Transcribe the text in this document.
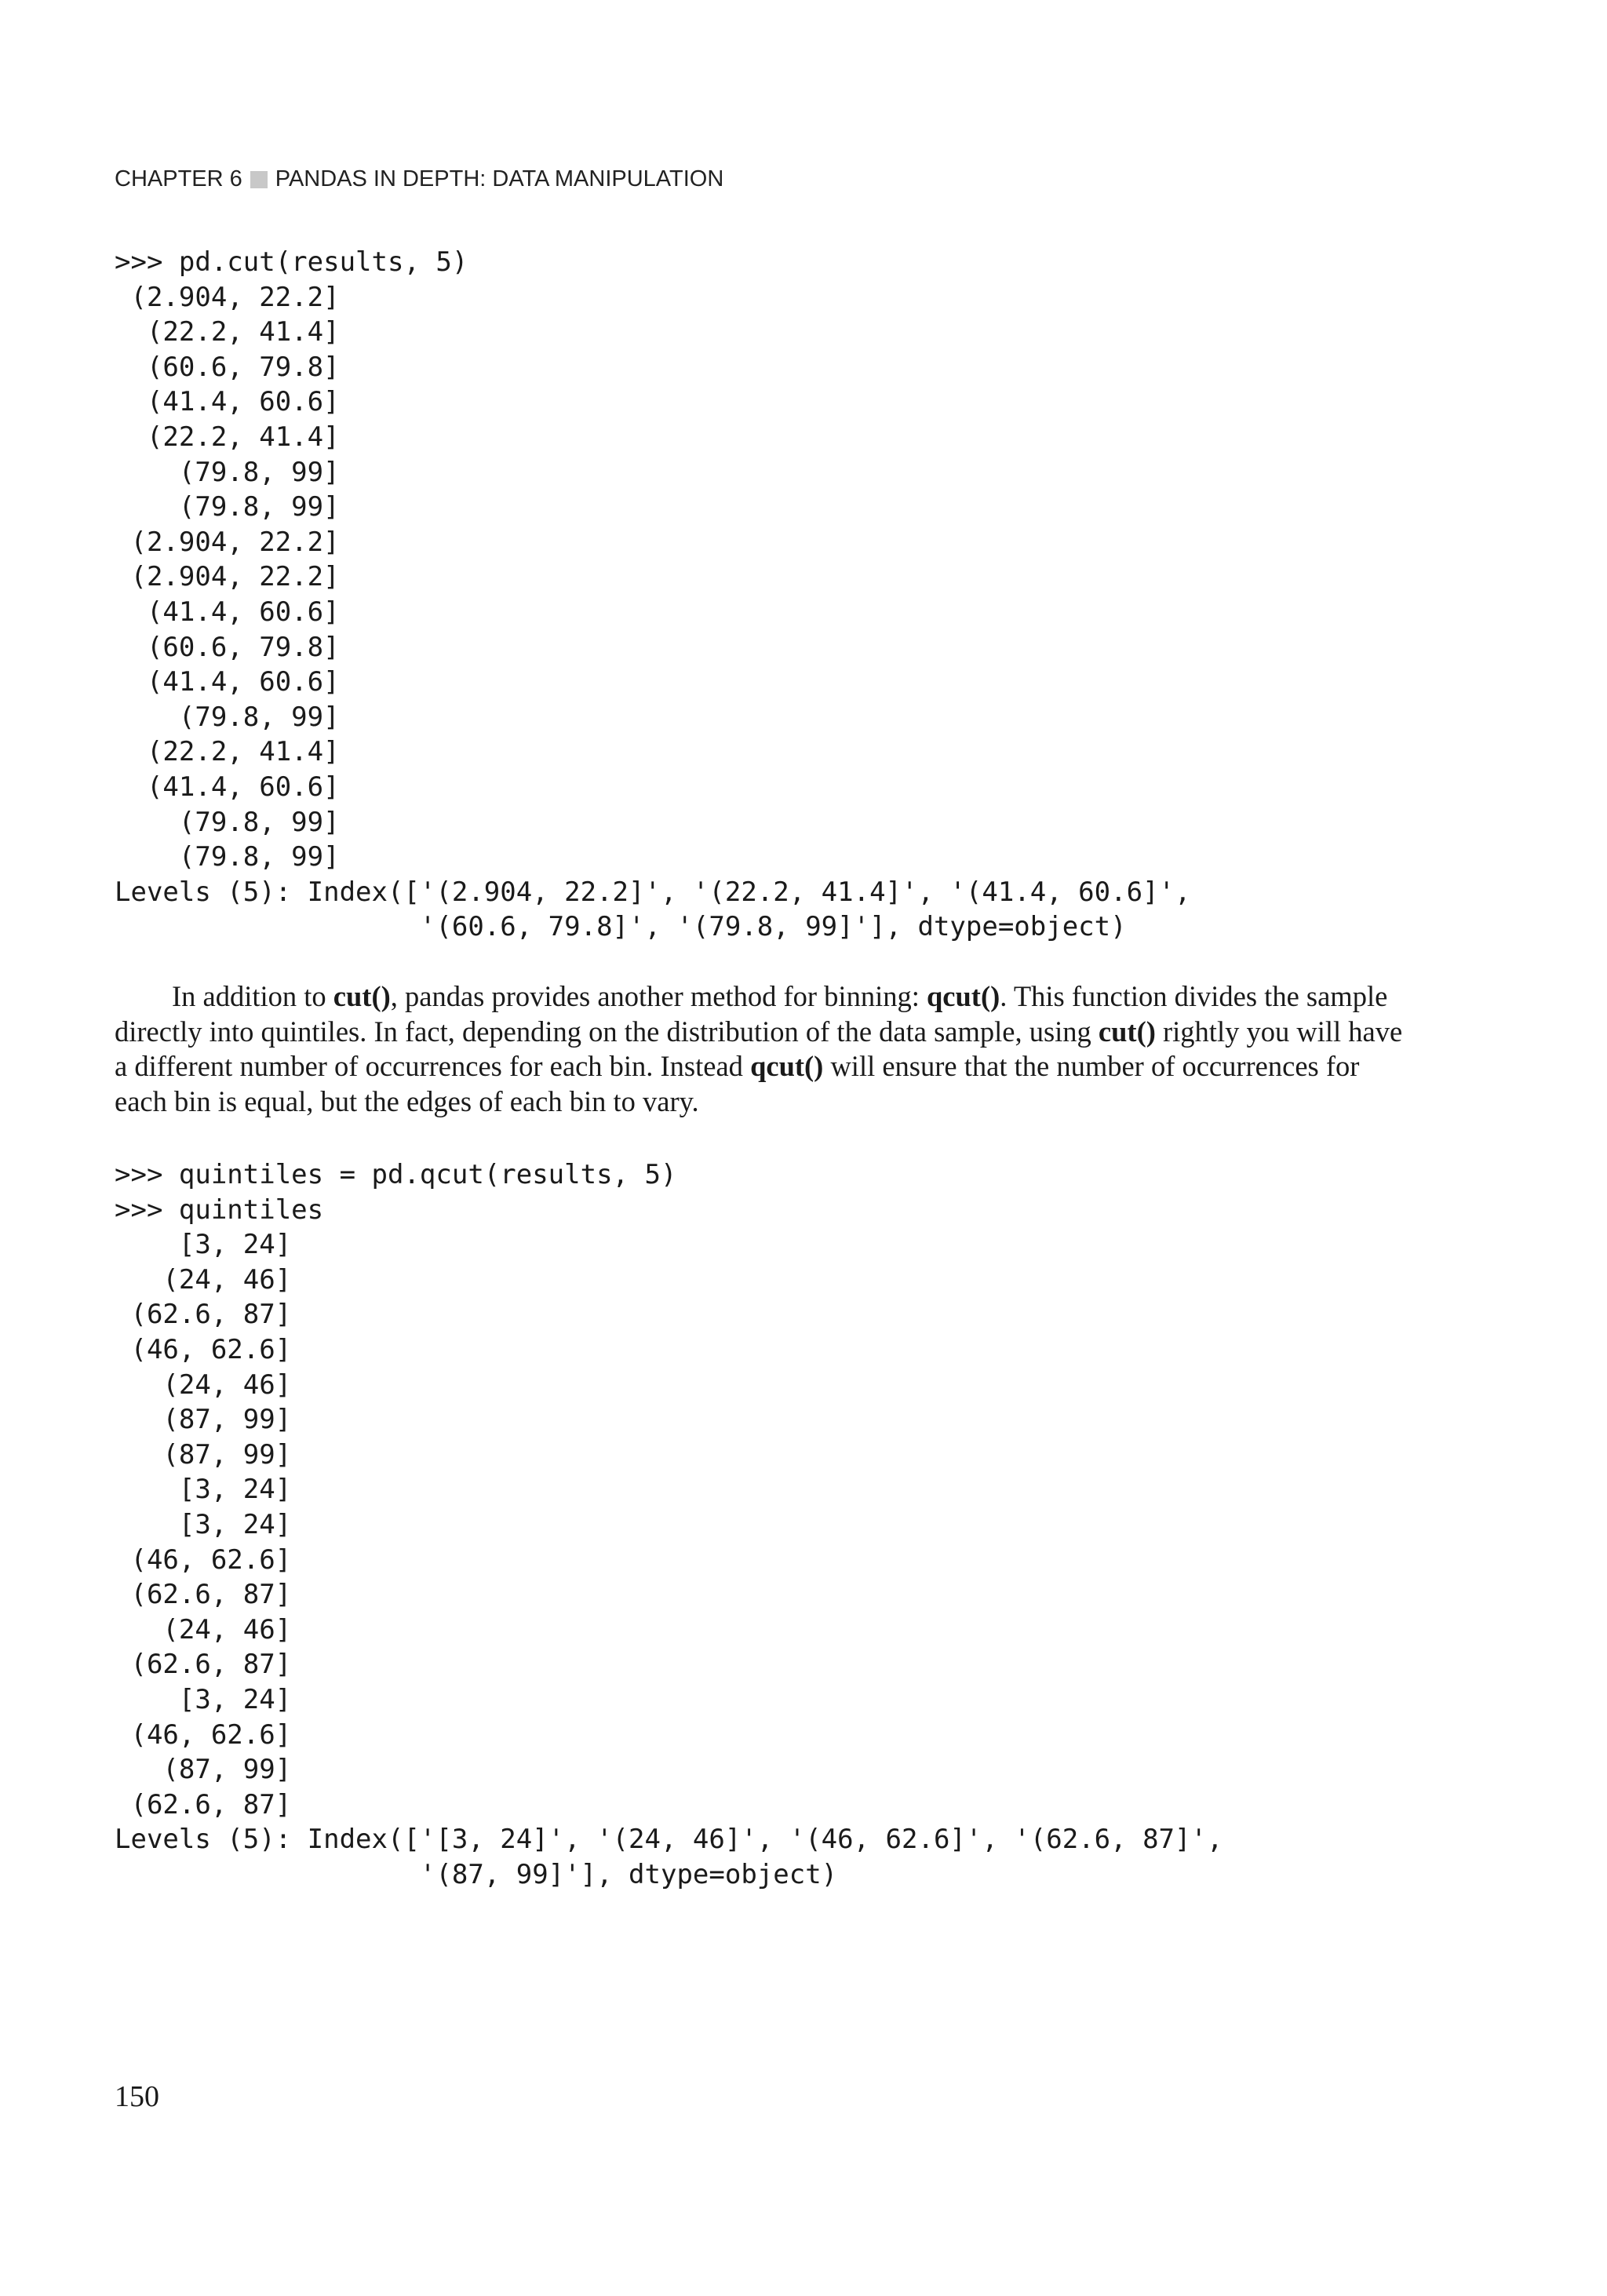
CHAPTER 6 PANDAS IN DEPTH: DATA MANIPULATION
>>> pd.cut(results, 5)
(2.904, 22.2]
(22.2, 41.4]
(60.6, 79.8]
(41.4, 60.6]
(22.2, 41.4]
(79.8, 99]
(79.8, 99]
(2.904, 22.2]
(2.904, 22.2]
(41.4, 60.6]
(60.6, 79.8]
(41.4, 60.6]
(79.8, 99]
(22.2, 41.4]
(41.4, 60.6]
(79.8, 99]
(79.8, 99]
Levels (5): Index(['(2.904, 22.2]', '(22.2, 41.4]', '(41.4, 60.6]',
'(60.6, 79.8]', '(79.8, 99]'], dtype=object)

In addition to cut(), pandas provides another method for binning: qcut(). This function divides the sample directly into quintiles. In fact, depending on the distribution of the data sample, using cut() rightly you will have a different number of occurrences for each bin. Instead qcut() will ensure that the number of occurrences for each bin is equal, but the edges of each bin to vary.

>>> quintiles = pd.qcut(results, 5)
>>> quintiles
[3, 24]
(24, 46]
(62.6, 87]
(46, 62.6]
(24, 46]
(87, 99]
(87, 99]
[3, 24]
[3, 24]
(46, 62.6]
(62.6, 87]
(24, 46]
(62.6, 87]
[3, 24]
(46, 62.6]
(87, 99]
(62.6, 87]
Levels (5): Index(['[3, 24]', '(24, 46]', '(46, 62.6]', '(62.6, 87]',
'(87, 99]'], dtype=object)
150
